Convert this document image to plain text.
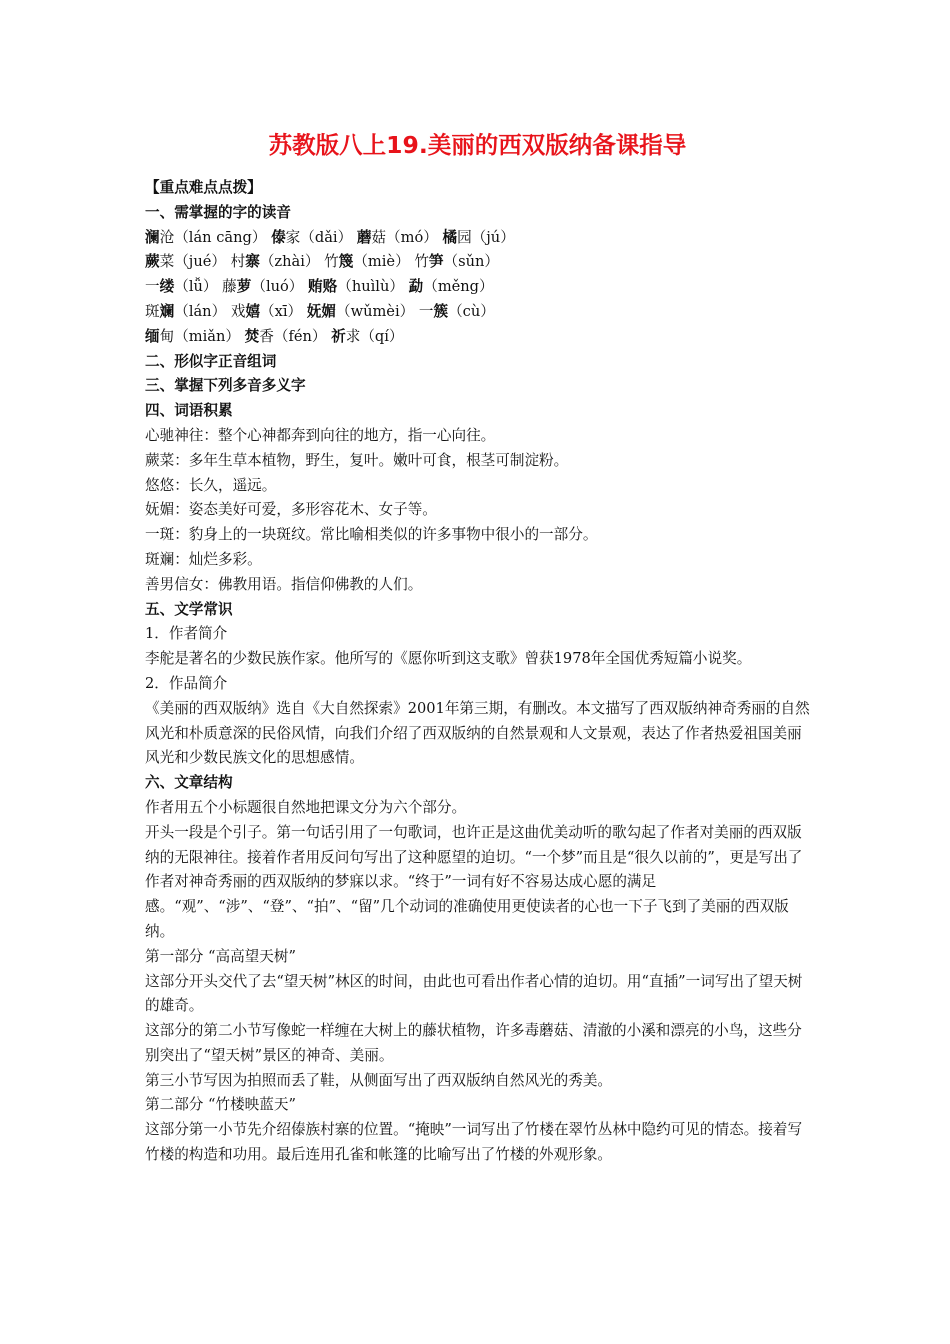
苏教版八上19.美丽的西双版纳备课指导

【重点难点点拨】

一、需掌握的字的读音

澜沧（lán cāng） 傣家（dǎi） 蘑菇（mó） 橘园（jú）

蕨菜（jué） 村寨（zhài） 竹篾（miè） 竹笋（sǔn）

一缕（lǚ） 藤萝（luó） 贿赂（huìlù） 勐（měng）

斑斓（lán） 戏嬉（xī） 妩媚（wǔmèi） 一簇（cù）

缅甸（miǎn） 焚香（fén） 祈求（qí）

二、形似字正音组词

三、掌握下列多音多义字

四、词语积累

心驰神往：整个心神都奔到向往的地方，指一心向往。

蕨菜：多年生草本植物，野生，复叶。嫩叶可食，根茎可制淀粉。

悠悠：长久，遥远。

妩媚：姿态美好可爱，多形容花木、女子等。

一斑：豹身上的一块斑纹。常比喻相类似的许多事物中很小的一部分。

斑斓：灿烂多彩。

善男信女：佛教用语。指信仰佛教的人们。

五、文学常识

1．作者简介

李舵是著名的少数民族作家。他所写的《愿你听到这支歌》曾获1978年全国优秀短篇小说奖。

2．作品简介

《美丽的西双版纳》选自《大自然探索》2001年第三期，有删改。本文描写了西双版纳神奇秀丽的自然风光和朴质意深的民俗风情，向我们介绍了西双版纳的自然景观和人文景观，表达了作者热爱祖国美丽风光和少数民族文化的思想感情。

六、文章结构

作者用五个小标题很自然地把课文分为六个部分。

开头一段是个引子。第一句话引用了一句歌词，也许正是这曲优美动听的歌勾起了作者对美丽的西双版纳的无限神往。接着作者用反问句写出了这种愿望的迫切。“一个梦”而且是“很久以前的”，更是写出了作者对神奇秀丽的西双版纳的梦寐以求。“终于”一词有好不容易达成心愿的满足感。“观”、“涉”、“登”、“拍”、“留”几个动词的准确使用更使读者的心也一下子飞到了美丽的西双版纳。

第一部分 “高高望天树”

这部分开头交代了去“望天树”林区的时间，由此也可看出作者心情的迫切。用“直插”一词写出了望天树的雄奇。

这部分的第二小节写像蛇一样缠在大树上的藤状植物，许多毒蘑菇、清澈的小溪和漂亮的小鸟，这些分别突出了“望天树”景区的神奇、美丽。

第三小节写因为拍照而丢了鞋，从侧面写出了西双版纳自然风光的秀美。

第二部分 “竹楼映蓝天”

这部分第一小节先介绍傣族村寨的位置。“掩映”一词写出了竹楼在翠竹丛林中隐约可见的情态。接着写竹楼的构造和功用。最后连用孔雀和帐篷的比喻写出了竹楼的外观形象。
